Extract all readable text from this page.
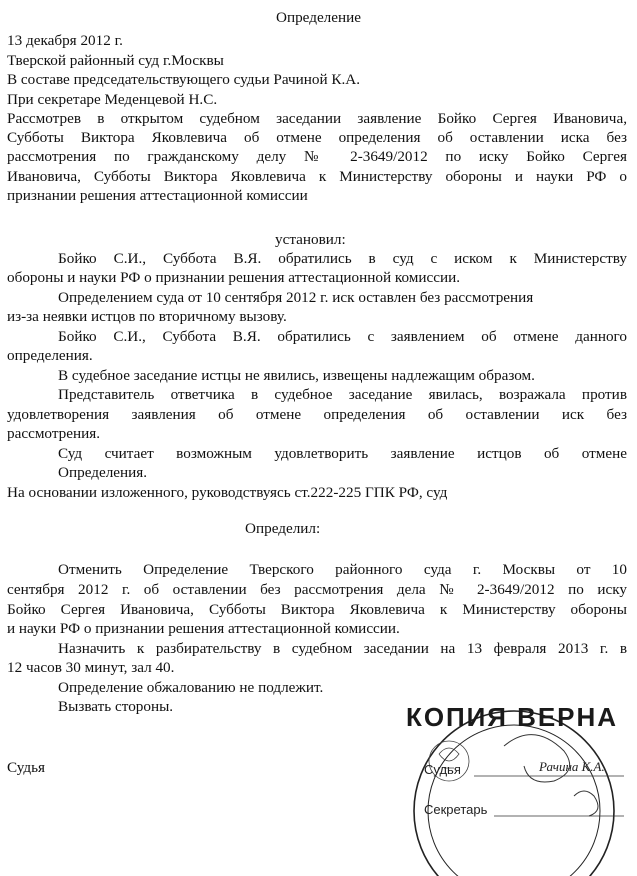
Определение
13 декабря 2012 г.
Тверской районный суд г.Москвы
В составе председательствующего судьи Рачиной К.А.
При секретаре Меденцевой Н.С.
Рассмотрев в открытом судебном заседании заявление Бойко Сергея Ивановича,
Субботы Виктора Яковлевича об отмене определения об оставлении иска без
рассмотрения по гражданскому делу № 2-3649/2012 по иску Бойко Сергея
Ивановича, Субботы Виктора Яковлевича к Министерству обороны и науки РФ о
признании решения аттестационной комиссии
установил:
Бойко С.И., Суббота В.Я. обратились в суд с иском к Министерству
обороны и науки РФ о признании решения аттестационной комиссии.
Определением суда от 10 сентября 2012 г. иск оставлен без рассмотрения
из-за неявки истцов по вторичному вызову.
Бойко С.И., Суббота В.Я. обратились с заявлением об отмене данного
определения.
В судебное заседание истцы не явились, извещены надлежащим образом.
Представитель ответчика в судебное заседание явилась, возражала против
удовлетворения заявления об отмене определения об оставлении иск без
рассмотрения.
Суд считает возможным удовлетворить заявление истцов об отмене
Определения.
На основании изложенного, руководствуясь ст.222-225 ГПК РФ, суд
Определил:
Отменить Определение Тверского районного суда г. Москвы от 10
сентября 2012 г. об оставлении без рассмотрения дела № 2-3649/2012 по иску
Бойко Сергея Ивановича, Субботы Виктора Яковлевича к Министерству обороны
и науки РФ о признании решения аттестационной комиссии.
Назначить к разбирательству в судебном заседании на 13 февраля 2013 г. в
12 часов 30 минут, зал 40.
Определение обжалованию не подлежит.
Вызвать стороны.
Судья
КОПИЯ ВЕРНА
Судья	Рачина К.А.
Секретарь
